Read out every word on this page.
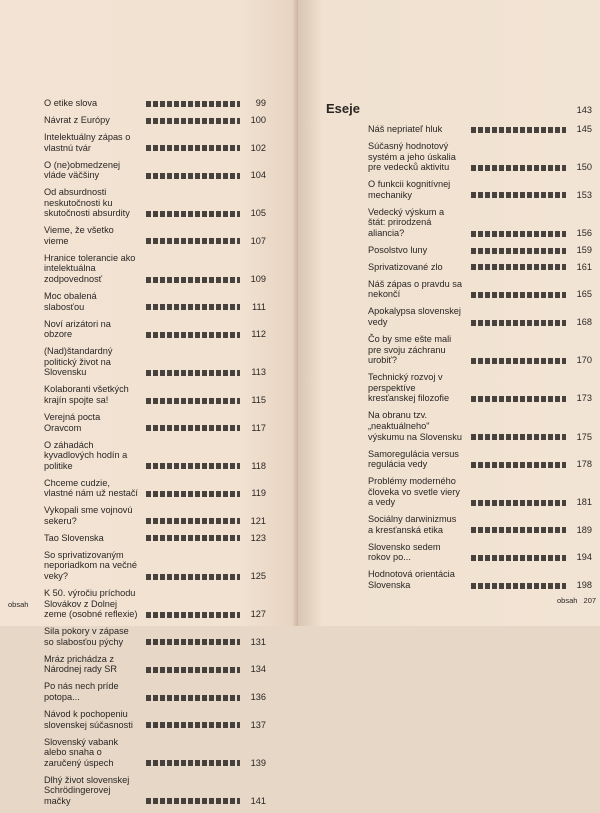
O etike slova	99
Návrat z Európy	100
Intelektuálny zápas o vlastnú tvár	102
O (ne)obmedzenej vláde väčšiny	104
Od absurdnosti neskutočnosti ku skutočnosti absurdity	105
Vieme, že všetko vieme	107
Hranice tolerancie ako intelektuálna zodpovednosť	109
Moc obalená slabosťou	111
Noví arizátori na obzore	112
(Nad)štandardný politický život na Slovensku	113
Kolaboranti všetkých krajín spojte sa!	115
Verejná pocta Oravcom	117
O záhadách kyvadlových hodín a politike	118
Chceme cudzie, vlastné nám už nestačí	119
Vykopali sme vojnovú sekeru?	121
Tao Slovenska	123
So sprivatizovaným neporiadkom na večné veky?	125
K 50. výročiu príchodu Slovákov z Dolnej zeme (osobné reflexie)	127
Sila pokory v zápase so slabosťou pýchy	131
Mráz prichádza z Národnej rady SR	134
Po nás nech príde potopa...	136
Návod k pochopeniu slovenskej súčasnosti	137
Slovenský vabank alebo snaha o zaručený úspech	139
Dlhý život slovenskej Schrödingerovej mačky	141
obsah
Eseje	143
Náš nepriateľ hluk	145
Súčasný hodnotový systém a jeho úskalia pre vedecků aktivitu	150
O funkcii kognitívnej mechaniky	153
Vedecký výskum a štát: prirodzená aliancia?	156
Posolstvo luny	159
Sprivatizované zlo	161
Náš zápas o pravdu sa nekončí	165
Apokalypsa slovenskej vedy	168
Čo by sme ešte mali pre svoju záchranu urobiť?	170
Technický rozvoj v perspektíve kresťanskej filozofie	173
Na obranu tzv. „neaktuálneho" výskumu na Slovensku	175
Samoregulácia versus regulácia vedy	178
Problémy moderného človeka vo svetle viery a vedy	181
Sociálny darwinizmus a kresťanská etika	189
Slovensko sedem rokov po...	194
Hodnotová orientácia Slovenska	198
obsah 207
